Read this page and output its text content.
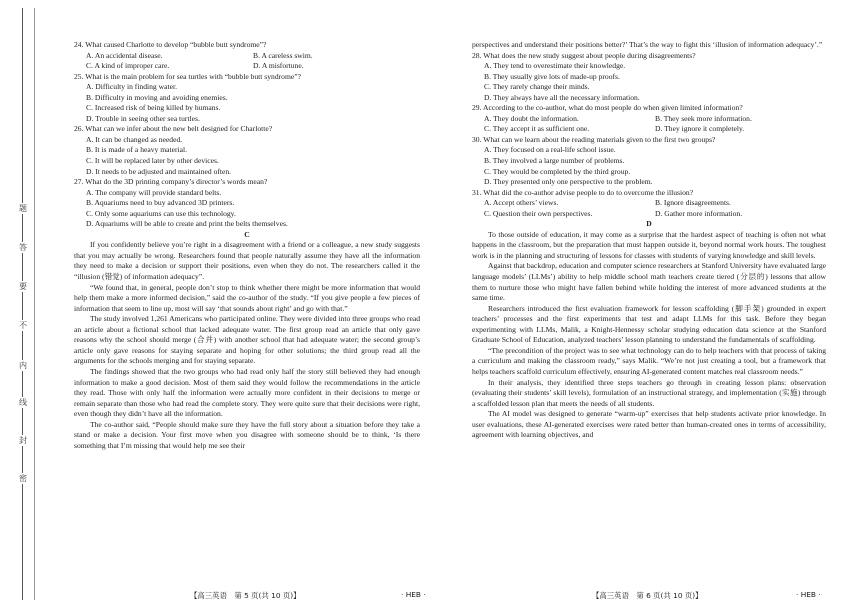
题
答
要
不
内
线
封
密
24. What caused Charlotte to develop “bubble butt syndrome”?
A. An accidental disease.	B. A careless swim.
C. A kind of improper care.	D. A misfortune.
25. What is the main problem for sea turtles with “bubble butt syndrome”?
A. Difficulty in finding water.
B. Difficulty in moving and avoiding enemies.
C. Increased risk of being killed by humans.
D. Trouble in seeing other sea turtles.
26. What can we infer about the new belt designed for Charlotte?
A. It can be changed as needed.
B. It is made of a heavy material.
C. It will be replaced later by other devices.
D. It needs to be adjusted and maintained often.
27. What do the 3D printing company’s director’s words mean?
A. The company will provide standard belts.
B. Aquariums need to buy advanced 3D printers.
C. Only some aquariums can use this technology.
D. Aquariums will be able to create and print the belts themselves.
C
If you confidently believe you’re right in a disagreement with a friend or a colleague, a new study suggests that you may actually be wrong. Researchers found that people naturally assume they have all the information they need to make a decision or support their positions, even when they do not. The researchers called it the “illusion (错觉) of information adequacy”.
“We found that, in general, people don’t stop to think whether there might be more information that would help them make a more informed decision,” said the co-author of the study. “If you give people a few pieces of information that seem to line up, most will say ‘that sounds about right’ and go with that.”
The study involved 1,261 Americans who participated online. They were divided into three groups who read an article about a fictional school that lacked adequate water. The first group read an article that only gave reasons why the school should merge (合并) with another school that had adequate water; the second group’s article only gave reasons for staying separate and hoping for other solutions; the third group read all the arguments for the schools merging and for staying separate.
The findings showed that the two groups who had read only half the story still believed they had enough information to make a good decision. Most of them said they would follow the recommendations in the article they read. Those with only half the information were actually more confident in their decisions to merge or remain separate than those who had read the complete story. They were quite sure that their decisions were right, even though they didn’t have all the information.
The co-author said, “People should make sure they have the full story about a situation before they take a stand or make a decision. Your first move when you disagree with someone should be to think, ‘Is there something that I’m missing that would help me see their
perspectives and understand their positions better?’ That’s the way to fight this ‘illusion of information adequacy’.”
28. What does the new study suggest about people during disagreements?
A. They tend to overestimate their knowledge.
B. They usually give lots of made-up proofs.
C. They rarely change their minds.
D. They always have all the necessary information.
29. According to the co-author, what do most people do when given limited information?
A. They doubt the information.	B. They seek more information.
C. They accept it as sufficient one.	D. They ignore it completely.
30. What can we learn about the reading materials given to the first two groups?
A. They focused on a real-life school issue.
B. They involved a large number of problems.
C. They would be completed by the third group.
D. They presented only one perspective to the problem.
31. What did the co-author advise people to do to overcome the illusion?
A. Accept others’ views.	B. Ignore disagreements.
C. Question their own perspectives.	D. Gather more information.
D
To those outside of education, it may come as a surprise that the hardest aspect of teaching is often not what happens in the classroom, but the preparation that must happen outside it, beyond normal work hours. The toughest work is in the planning and structuring of lessons for classes with students of varying knowledge and skill levels.
Against that backdrop, education and computer science researchers at Stanford University have evaluated large language models’ (LLMs’) ability to help middle school math teachers create tiered (分层的) lessons that allow them to nurture those who might have fallen behind while holding the interest of more advanced students at the same time.
Researchers introduced the first evaluation framework for lesson scaffolding (脚手架) grounded in expert teachers’ processes and the first experiments that test and adapt LLMs for this task. Before they began experimenting with LLMs, Malik, a Knight-Hennessy scholar studying education data science at the Stanford Graduate School of Education, analyzed teachers’ lesson planning to understand the fundamentals of scaffolding.
“The precondition of the project was to see what technology can do to help teachers with that process of taking a curriculum and making the classroom ready,” says Malik. “We’re not just creating a tool, but a framework that helps teachers scaffold curriculum effectively, ensuring AI-generated content matches real classroom needs.”
In their analysis, they identified three steps teachers go through in creating lesson plans: observation (evaluating their students’ skill levels), formulation of an instructional strategy, and implementation (实施) through a scaffolded lesson plan that meets the needs of all students.
The AI model was designed to generate “warm-up” exercises that help students activate prior knowledge. In user evaluations, these AI-generated exercises were rated better than human-created ones in terms of accessibility, agreement with learning objectives, and
【高三英语　第 5 页(共 10 页)】	· HEB ·	【高三英语　第 6 页(共 10 页)】	· HEB ·
